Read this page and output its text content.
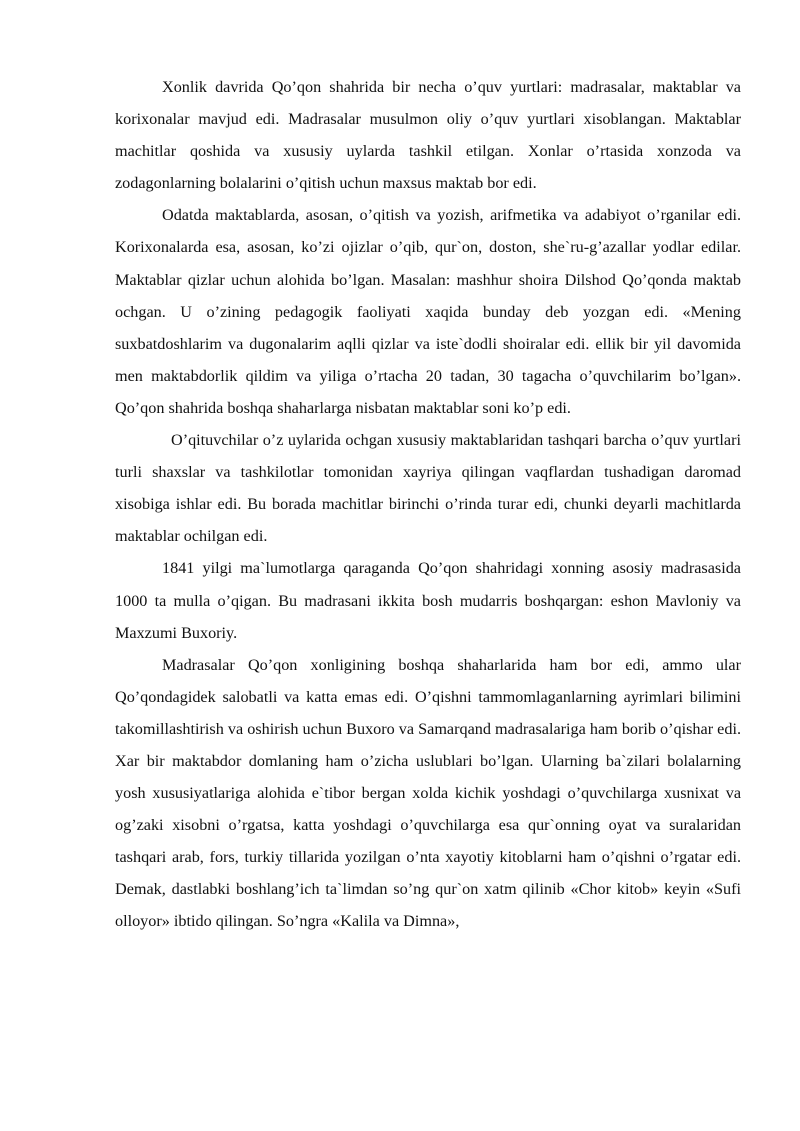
Xonlik davrida Qo’qon shahrida bir necha o’quv yurtlari: madrasalar, maktablar va korixonalar mavjud edi. Madrasalar musulmon oliy o’quv yurtlari xisoblangan. Maktablar machitlar qoshida va xususiy uylarda tashkil etilgan. Xonlar o’rtasida xonzoda va zodagonlarning bolalarini o’qitish uchun maxsus maktab bor edi.

Odatda maktablarda, asosan, o’qitish va yozish, arifmetika va adabiyot o’rganilar edi. Korixonalarda esa, asosan, ko’zi ojizlar o’qib, qur`on, doston, she`ru-g’azallar yodlar edilar. Maktablar qizlar uchun alohida bo’lgan. Masalan: mashhur shoira Dilshod Qo’qonda maktab ochgan. U o’zining pedagogik faoliyati xaqida bunday deb yozgan edi. «Mening suxbatdoshlarim va dugonalarim aqlli qizlar va iste`dodli shoiralar edi. ellik bir yil davomida men maktabdorlik qildim va yiliga o’rtacha 20 tadan, 30 tagacha o’quvchilarim bo’lgan». Qo’qon shahrida boshqa shaharlarga nisbatan maktablar soni ko’p edi.

O’qituvchilar o’z uylarida ochgan xususiy maktablaridan tashqari barcha o’quv yurtlari turli shaxslar va tashkilotlar tomonidan xayriya qilingan vaqflardan tushadigan daromad xisobiga ishlar edi. Bu borada machitlar birinchi o’rinda turar edi, chunki deyarli machitlarda maktablar ochilgan edi.

1841 yilgi ma`lumotlarga qaraganda Qo’qon shahridagi xonning asosiy madrasasida 1000 ta mulla o’qigan. Bu madrasani ikkita bosh mudarris boshqargan: eshon Mavloniy va Maxzumi Buxoriy.

Madrasalar Qo’qon xonligining boshqa shaharlarida ham bor edi, ammo ular Qo’qondagidek salobatli va katta emas edi. O’qishni tammomlaganlarning ayrimlari bilimini takomillashtirish va oshirish uchun Buxoro va Samarqand madrasalariga ham borib o’qishar edi. Xar bir maktabdor domlaning ham o’zicha uslublari bo’lgan. Ularning ba`zilari bolalarning yosh xususiyatlariga alohida e`tibor bergan xolda kichik yoshdagi o’quvchilarga xusnixat va og’zaki xisobni o’rgatsa, katta yoshdagi o’quvchilarga esa qur`onning oyat va suralaridan tashqari arab, fors, turkiy tillarida yozilgan o’nta xayotiy kitoblarni ham o’qishni o’rgatar edi. Demak, dastlabki boshlang’ich ta`limdan so’ng qur`on xatm qilinib «Chor kitob» keyin «Sufi olloyor» ibtido qilingan. So’ngra «Kalila va Dimna»,
